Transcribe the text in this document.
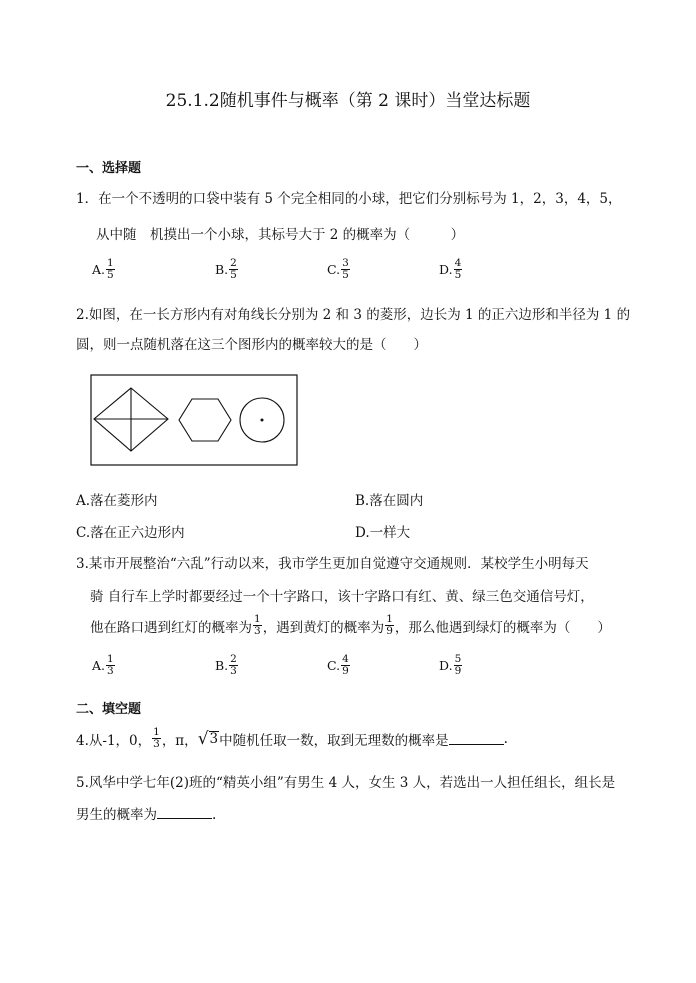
25.1.2随机事件与概率（第 2 课时）当堂达标题
一、选择题
1．在一个不透明的口袋中装有 5 个完全相同的小球，把它们分别标号为 1，2，3，4，5，
从中随　机摸出一个小球，其标号大于 2 的概率为（　　　）
A. $\frac{1}{5}$	B. $\frac{2}{5}$	C. $\frac{3}{5}$	D. $\frac{4}{5}$
2.如图，在一长方形内有对角线长分别为 2 和 3 的菱形，边长为 1 的正六边形和半径为 1 的
圆，则一点随机落在这三个图形内的概率较大的是（　　）
A.落在菱形内	B.落在圆内
C.落在正六边形内	D.一样大
3.某市开展整治“六乱”行动以来，我市学生更加自觉遵守交通规则．某校学生小明每天
骑 自行车上学时都要经过一个十字路口，该十字路口有红、黄、绿三色交通信号灯，
他在路口遇到红灯的概率为 $\frac{1}{3}$ ，遇到黄灯的概率为 $\frac{1}{9}$ ，那么他遇到绿灯的概率为（　　）
A. $\frac{1}{3}$	B. $\frac{2}{3}$	C. $\frac{4}{9}$	D. $\frac{5}{9}$
二、填空题
4.从-1，0， $\frac{1}{3}$ ，π， √ 3 中随机任取一数，取到无理数的概率是	.
5.风华中学七年(2)班的“精英小组”有男生 4 人，女生 3 人，若选出一人担任组长，组长是
男生的概率为	.
